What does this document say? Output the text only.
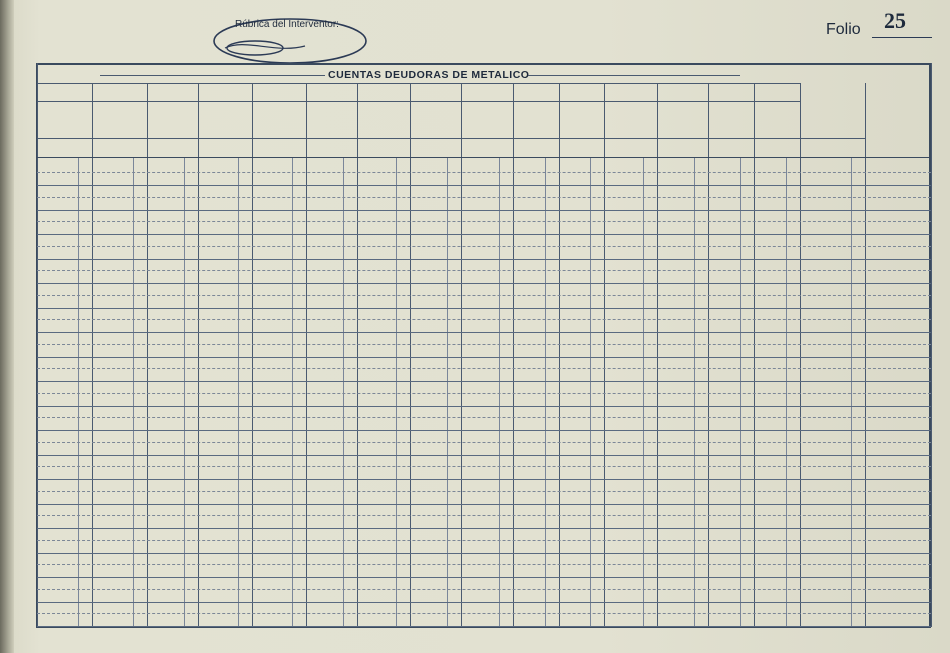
Rúbrica del Interventor:	Folio 25
CUENTAS DEUDORAS DE METALICO
